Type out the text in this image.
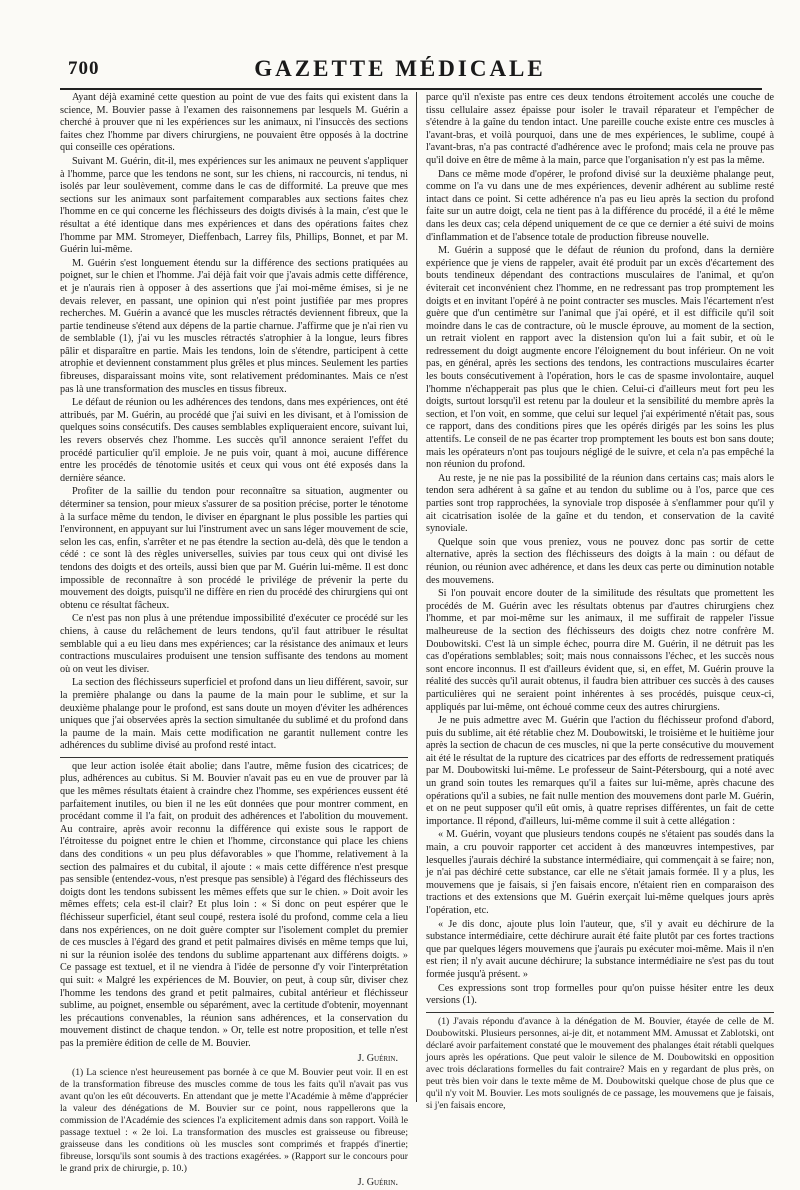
700	GAZETTE MÉDICALE

Ayant déjà examiné cette question au point de vue des faits qui existent dans la science, M. Bouvier passe à l'examen des raisonnemens par lesquels M. Guérin a cherché à prouver que ni les expériences sur les animaux, ni l'insuccès des sections faites chez l'homme par divers chirurgiens, ne pouvaient être opposés à la doctrine qui conseille ces opérations.

Suivant M. Guérin, dit-il, mes expériences sur les animaux ne peuvent s'appliquer à l'homme, parce que les tendons ne sont, sur les chiens, ni raccourcis, ni tendus, ni isolés par leur soulèvement, comme dans le cas de difformité. La preuve que mes sections sur les animaux sont parfaitement comparables aux sections faites chez l'homme en ce qui concerne les fléchisseurs des doigts divisés à la main, c'est que le résultat a été identique dans mes expériences et dans des opérations faites chez l'homme par MM. Stromeyer, Dieffenbach, Larrey fils, Phillips, Bonnet, et par M. Guérin lui-même.

M. Guérin s'est longuement étendu sur la différence des sections pratiquées au poignet, sur le chien et l'homme. J'ai déjà fait voir que j'avais admis cette différence, et je n'aurais rien à opposer à des assertions que j'ai moi-même émises, si je ne devais relever, en passant, une opinion qui n'est point justifiée par mes propres recherches. M. Guérin a avancé que les muscles rétractés deviennent fibreux, que la partie tendineuse s'étend aux dépens de la partie charnue. J'affirme que je n'ai rien vu de semblable (1), j'ai vu les muscles rétractés s'atrophier à la longue, leurs fibres pâlir et disparaître en partie. Mais les tendons, loin de s'étendre, participent à cette atrophie et deviennent constamment plus grêles et plus minces. Seulement les parties fibreuses, disparaissant moins vite, sont relativement prédominantes. Mais ce n'est pas là une transformation des muscles en tissus fibreux.

Le défaut de réunion ou les adhérences des tendons, dans mes expériences, ont été attribués, par M. Guérin, au procédé que j'ai suivi en les divisant, et à l'omission de quelques soins consécutifs. Des causes semblables expliqueraient encore, suivant lui, les revers observés chez l'homme. Les succès qu'il annonce seraient l'effet du procédé particulier qu'il emploie. Je ne puis voir, quant à moi, aucune différence entre les procédés de ténotomie usités et ceux qui vous ont été exposés dans la dernière séance.

Profiter de la saillie du tendon pour reconnaître sa situation, augmenter ou déterminer sa tension, pour mieux s'assurer de sa position précise, porter le ténotome à la surface même du tendon, le diviser en épargnant le plus possible les parties qui l'environnent, en appuyant sur lui l'instrument avec un sans léger mouvement de scie, selon les cas, enfin, s'arrêter et ne pas étendre la section au-delà, dès que le tendon a cédé : ce sont là des règles universelles, suivies par tous ceux qui ont divisé les tendons des doigts et des orteils, aussi bien que par M. Guérin lui-même. Il est donc impossible de reconnaître à son procédé le privilége de prévenir la perte du mouvement des doigts, puisqu'il ne diffère en rien du procédé des chirurgiens qui ont obtenu ce résultat fâcheux.

Ce n'est pas non plus à une prétendue impossibilité d'exécuter ce procédé sur les chiens, à cause du relâchement de leurs tendons, qu'il faut attribuer le résultat semblable qui a eu lieu dans mes expériences; car la résistance des animaux et leurs contractions musculaires produisent une tension suffisante des tendons au moment où on veut les diviser.

La section des fléchisseurs superficiel et profond dans un lieu différent, savoir, sur la première phalange ou dans la paume de la main pour le sublime, et sur la deuxième phalange pour le profond, est sans doute un moyen d'éviter les adhérences uniques que j'ai observées après la section simultanée du sublimé et du profond dans la paume de la main. Mais cette modification ne garantit nullement contre les adhérences du sublime divisé au profond resté intact.

que leur action isolée était abolie; dans l'autre, même fusion des cicatrices; de plus, adhérences au cubitus. Si M. Bouvier n'avait pas eu en vue de prouver par là que les mêmes résultats étaient à craindre chez l'homme, ses expériences eussent été parfaitement inutiles, ou bien il ne les eût données que pour montrer comment, en procédant comme il l'a fait, on produit des adhérences et l'abolition du mouvement. Au contraire, après avoir reconnu la différence qui existe sous le rapport de l'étroitesse du poignet entre le chien et l'homme, circonstance qui place les chiens dans des conditions « un peu plus défavorables » que l'homme, relativement à la section des palmaires et du cubital, il ajoute : « mais cette différence n'est presque pas sensible (entendez-vous, n'est presque pas sensible) à l'égard des fléchisseurs des doigts dont les tendons subissent les mêmes effets que sur le chien. » Doit avoir les mêmes effets; cela est-il clair? Et plus loin : « Si donc on peut espérer que le fléchisseur superficiel, étant seul coupé, restera isolé du profond, comme cela a lieu dans nos expériences, on ne doit guère compter sur l'isolement complet du premier de ces muscles à l'égard des grand et petit palmaires divisés en même temps que lui, ni sur la réunion isolée des tendons du sublime appartenant aux différens doigts. » Ce passage est textuel, et il ne viendra à l'idée de personne d'y voir l'interprétation qui suit: « Malgré les expériences de M. Bouvier, on peut, à coup sûr, diviser chez l'homme les tendons des grand et petit palmaires, cubital antérieur et fléchisseur sublime, au poignet, ensemble ou séparément, avec la certitude d'obtenir, moyennant les précautions convenables, la réunion sans adhérences, et la conservation du mouvement distinct de chaque tendon. » Or, telle est notre proposition, et telle n'est pas la première édition de celle de M. Bouvier.

J. Guérin.

(1) La science n'est heureusement pas bornée à ce que M. Bouvier peut voir. Il en est de la transformation fibreuse des muscles comme de tous les faits qu'il n'avait pas vus avant qu'on les eût découverts. En attendant que je mette l'Académie à même d'apprécier la valeur des dénégations de M. Bouvier sur ce point, nous rappellerons que la commission de l'Académie des sciences l'a explicitement admis dans son rapport. Voilà le passage textuel : « 2e loi. La transformation des muscles est graisseuse ou fibreuse; graisseuse dans les conditions où les muscles sont comprimés et frappés d'inertie; fibreuse, lorsqu'ils sont soumis à des tractions exagérées. » (Rapport sur le concours pour le grand prix de chirurgie, p. 10.)

J. Guérin.

parce qu'il n'existe pas entre ces deux tendons étroitement accolés une couche de tissu cellulaire assez épaisse pour isoler le travail réparateur et l'empêcher de s'étendre à la gaîne du tendon intact. Une pareille couche existe entre ces muscles à l'avant-bras, et voilà pourquoi, dans une de mes expériences, le sublime, coupé à l'avant-bras, n'a pas contracté d'adhérence avec le profond; mais cela ne prouve pas qu'il doive en être de même à la main, parce que l'organisation n'y est pas la même.

Dans ce même mode d'opérer, le profond divisé sur la deuxième phalange peut, comme on l'a vu dans une de mes expériences, devenir adhérent au sublime resté intact dans ce point. Si cette adhérence n'a pas eu lieu après la section du profond faite sur un autre doigt, cela ne tient pas à la différence du procédé, il a été le même dans les deux cas; cela dépend uniquement de ce que ce dernier a été suivi de moins d'inflammation et de l'absence totale de production fibreuse nouvelle.

M. Guérin a supposé que le défaut de réunion du profond, dans la dernière expérience que je viens de rappeler, avait été produit par un excès d'écartement des bouts tendineux dépendant des contractions musculaires de l'animal, et qu'on éviterait cet inconvénient chez l'homme, en ne redressant pas trop promptement les doigts et en invitant l'opéré à ne point contracter ses muscles. Mais l'écartement n'est guère que d'un centimètre sur l'animal que j'ai opéré, et il est difficile qu'il soit moindre dans le cas de contracture, où le muscle éprouve, au moment de la section, un retrait violent en rapport avec la distension qu'on lui a fait subir, et où le redressement du doigt augmente encore l'éloignement du bout inférieur. On ne voit pas, en général, après les sections des tendons, les contractions musculaires écarter les bouts consécutivement à l'opération, hors le cas de spasme involontaire, auquel l'homme n'échapperait pas plus que le chien. Celui-ci d'ailleurs meut fort peu les doigts, surtout lorsqu'il est retenu par la douleur et la sensibilité du membre après la section, et l'on voit, en somme, que celui sur lequel j'ai expérimenté n'était pas, sous ce rapport, dans des conditions pires que les opérés dirigés par les soins les plus attentifs. Le conseil de ne pas écarter trop promptement les bouts est bon sans doute; mais les opérateurs n'ont pas toujours négligé de le suivre, et cela n'a pas empêché la non réunion du profond.

Au reste, je ne nie pas la possibilité de la réunion dans certains cas; mais alors le tendon sera adhérent à sa gaîne et au tendon du sublime ou à l'os, parce que ces parties sont trop rapprochées, la synoviale trop disposée à s'enflammer pour qu'il y ait cicatrisation isolée de la gaîne et du tendon, et conservation de la cavité synoviale.

Quelque soin que vous preniez, vous ne pouvez donc pas sortir de cette alternative, après la section des fléchisseurs des doigts à la main : ou défaut de réunion, ou réunion avec adhérence, et dans les deux cas perte ou diminution notable des mouvemens.

Si l'on pouvait encore douter de la similitude des résultats que promettent les procédés de M. Guérin avec les résultats obtenus par d'autres chirurgiens chez l'homme, et par moi-même sur les animaux, il me suffirait de rappeler l'issue malheureuse de la section des fléchisseurs des doigts chez notre confrère M. Doubowitski. C'est là un simple échec, pourra dire M. Guérin, il ne détruit pas les cas d'opérations semblables; soit; mais nous connaissons l'échec, et les succès nous sont encore inconnus. Il est d'ailleurs évident que, si, en effet, M. Guérin prouve la réalité des succès qu'il aurait obtenus, il faudra bien attribuer ces succès à des causes particulières qui ne seraient point inhérentes à ses procédés, puisque ceux-ci, appliqués par lui-même, ont échoué comme ceux des autres chirurgiens.

Je ne puis admettre avec M. Guérin que l'action du fléchisseur profond d'abord, puis du sublime, ait été rétablie chez M. Doubowitski, le troisième et le huitième jour après la section de chacun de ces muscles, ni que la perte consécutive du mouvement ait été le résultat de la rupture des cicatrices par des efforts de redressement pratiqués par M. Doubowitski lui-même. Le professeur de Saint-Pétersbourg, qui a noté avec un grand soin toutes les remarques qu'il a faites sur lui-même, après chacune des opérations qu'il a subies, ne fait nulle mention des mouvemens dont parle M. Guérin, et on ne peut supposer qu'il eût omis, à quatre reprises différentes, un fait de cette importance. Il répond, d'ailleurs, lui-même comme il suit à cette allégation :

« M. Guérin, voyant que plusieurs tendons coupés ne s'étaient pas soudés dans la main, a cru pouvoir rapporter cet accident à des manœuvres intempestives, par lesquelles j'aurais déchiré la substance intermédiaire, qui commençait à se faire; non, je n'ai pas déchiré cette substance, car elle ne s'était jamais formée. Il y a plus, les mouvemens que je faisais, si j'en faisais encore, n'étaient rien en comparaison des tractions et des extensions que M. Guérin exerçait lui-même quelques jours après l'opération, etc.

« Je dis donc, ajoute plus loin l'auteur, que, s'il y avait eu déchirure de la substance intermédiaire, cette déchirure aurait été faite plutôt par ces fortes tractions que par quelques légers mouvemens que j'aurais pu exécuter moi-même. Mais il n'en est rien; il n'y avait aucune déchirure; la substance intermédiaire ne s'est pas du tout formée jusqu'à présent. »

Ces expressions sont trop formelles pour qu'on puisse hésiter entre les deux versions (1).

(1) J'avais répondu d'avance à la dénégation de M. Bouvier, étayée de celle de M. Doubowitski. Plusieurs personnes, ai-je dit, et notamment MM. Amussat et Zablotski, ont déclaré avoir parfaitement constaté que le mouvement des phalanges était rétabli quelques jours après les opérations. Que peut valoir le silence de M. Doubowitski en opposition avec trois déclarations formelles du fait contraire? Mais en y regardant de plus près, on peut très bien voir dans le texte même de M. Doubowitski quelque chose de plus que ce qu'il n'y voit M. Bouvier. Les mots soulignés de ce passage, les mouvemens que je faisais, si j'en faisais encore,
